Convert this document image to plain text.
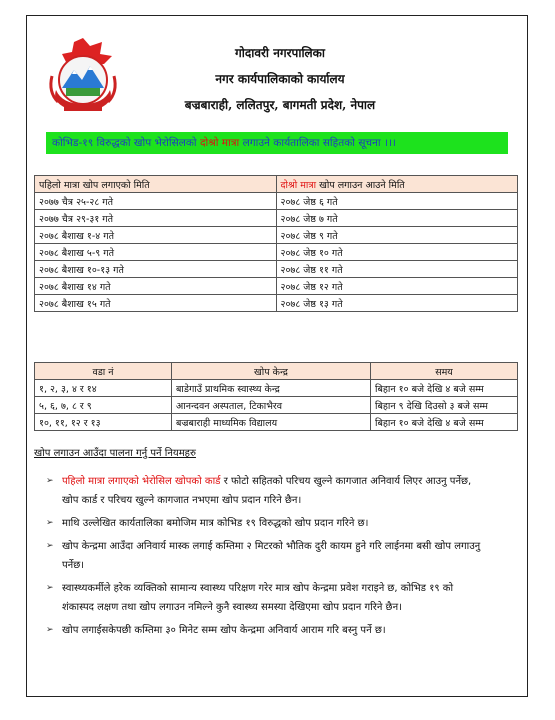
गोदावरी नगरपालिका
नगर कार्यपालिकाको कार्यालय
बज्रबाराही, ललितपुर, बागमती प्रदेश, नेपाल
कोभिड-१९ विरुद्धको खोप भेरोसिलको दोश्रो मात्रा लगाउने कार्यतालिका सहितको सूचना ।।।
पहिलो मात्रा खोप लगाएको मिति	दोश्रो मात्रा खोप लगाउन आउने मिति
२०७७ चैत्र २५-२८ गते	२०७८ जेष्ठ ६ गते
२०७७ चैत्र २९-३१ गते	२०७८ जेष्ठ ७ गते
२०७८ बैशाख १-४ गते	२०७८ जेष्ठ ९ गते
२०७८ बैशाख ५-९ गते	२०७८ जेष्ठ १० गते
२०७८ बैशाख १०-१३ गते	२०७८ जेष्ठ ११ गते
२०७८ बैशाख १४ गते	२०७८ जेष्ठ १२ गते
२०७८ बैशाख १५ गते	२०७८ जेष्ठ १३ गते
वडा नं	खोप केन्द्र	समय
१, २, ३, ४ र १४	बाडेगाउँ प्राथमिक स्वास्थ्य केन्द्र	बिहान १० बजे देखि ४ बजे सम्म
५, ६, ७, ८ र ९	आनन्दवन अस्पताल, टिकाभैरव	बिहान ९ देखि दिउसो ३ बजे सम्म
१०, ११, १२ र १३	बज्रबाराही माध्यमिक विद्यालय	बिहान १० बजे देखि ४ बजे सम्म
खोप लगाउन आउँदा पालना गर्नु पर्ने नियमहरु
➢ पहिलो मात्रा लगाएको भेरोसिल खोपको कार्ड र फोटो सहितको परिचय खुल्ने कागजात अनिवार्य लिएर आउनु पर्नेछ, खोप कार्ड र परिचय खुल्ने कागजात नभएमा खोप प्रदान गरिने छैन।
➢ माथि उल्लेखित कार्यतालिका बमोजिम मात्र कोभिड १९ विरुद्धको खोप प्रदान गरिने छ।
➢ खोप केन्द्रमा आउँदा अनिवार्य मास्क लगाई कम्तिमा २ मिटरको भौतिक दुरी कायम हुने गरि लाईनमा बसी खोप लगाउनु पर्नेछ।
➢ स्वास्थ्यकर्मीले हरेक व्यक्तिको सामान्य स्वास्थ्य परिक्षण गरेर मात्र खोप केन्द्रमा प्रवेश गराइने छ, कोभिड १९ को शंकास्पद लक्षण तथा खोप लगाउन नमिल्ने कुनै स्वास्थ्य समस्या देखिएमा खोप प्रदान गरिने छैन।
➢ खोप लगाईसकेपछी कम्तिमा ३० मिनेट सम्म खोप केन्द्रमा अनिवार्य आराम गरि बस्नु पर्ने छ।
